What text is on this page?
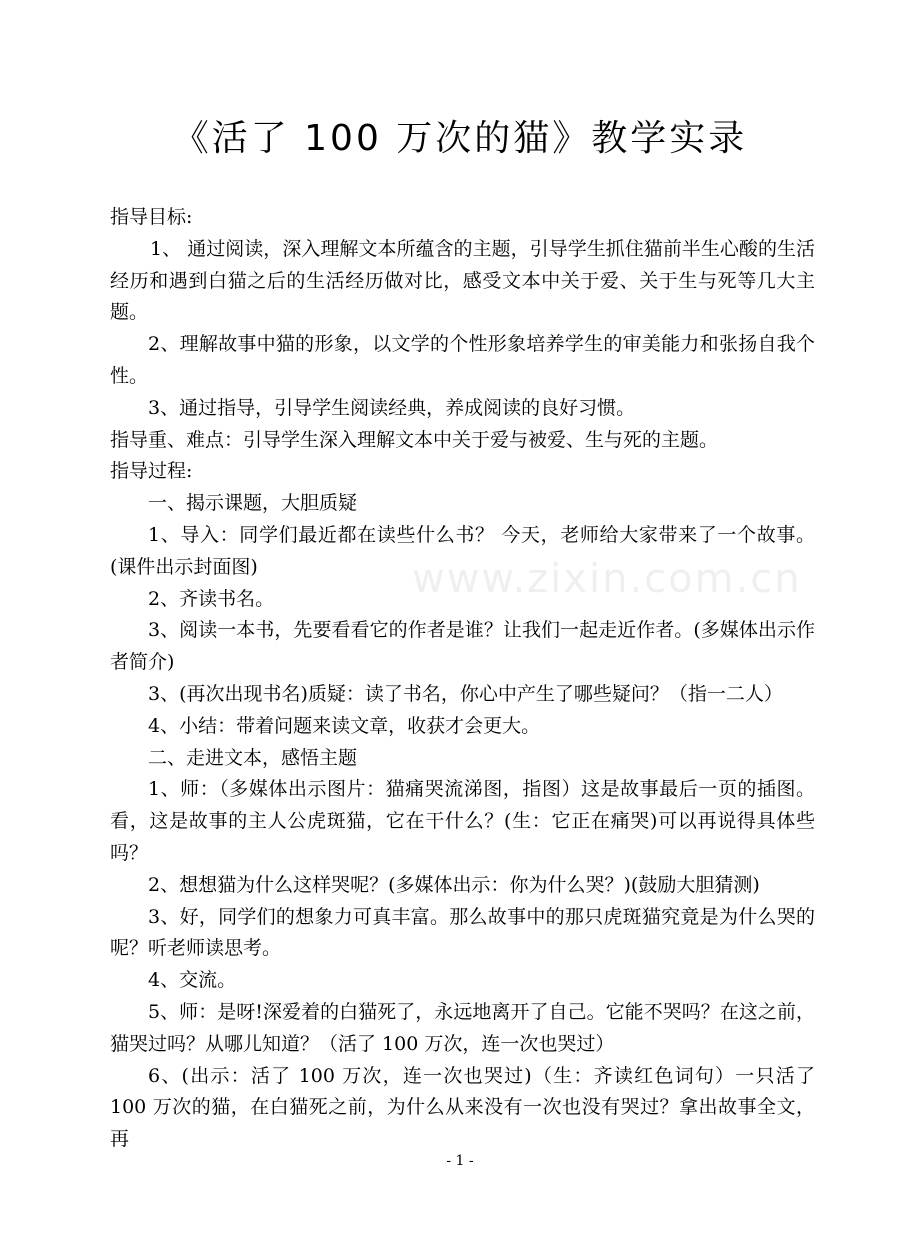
《活了 100 万次的猫》教学实录

指导目标:

1、 通过阅读，深入理解文本所蕴含的主题，引导学生抓住猫前半生心酸的生活经历和遇到白猫之后的生活经历做对比，感受文本中关于爱、关于生与死等几大主题。

2、理解故事中猫的形象，以文学的个性形象培养学生的审美能力和张扬自我个性。

3、通过指导，引导学生阅读经典，养成阅读的良好习惯。

指导重、难点：引导学生深入理解文本中关于爱与被爱、生与死的主题。

指导过程:

一、揭示课题，大胆质疑

1、导入：同学们最近都在读些什么书？ 今天，老师给大家带来了一个故事。(课件出示封面图)

2、齐读书名。

3、阅读一本书，先要看看它的作者是谁？让我们一起走近作者。(多媒体出示作者简介)

3、(再次出现书名)质疑：读了书名，你心中产生了哪些疑问？（指一二人）

4、小结：带着问题来读文章，收获才会更大。

二、走进文本，感悟主题

1、师：（多媒体出示图片：猫痛哭流涕图，指图）这是故事最后一页的插图。看，这是故事的主人公虎斑猫，它在干什么？(生：它正在痛哭)可以再说得具体些吗？

2、想想猫为什么这样哭呢？(多媒体出示：你为什么哭？)(鼓励大胆猜测)

3、好，同学们的想象力可真丰富。那么故事中的那只虎斑猫究竟是为什么哭的呢？听老师读思考。

4、交流。

5、师：是呀!深爱着的白猫死了，永远地离开了自己。它能不哭吗？在这之前，猫哭过吗？从哪儿知道？（活了 100 万次，连一次也哭过）

6、(出示：活了 100 万次，连一次也哭过)（生：齐读红色词句）一只活了 100 万次的猫，在白猫死之前，为什么从来没有一次也没有哭过？拿出故事全文，再

www.zixin.com.cn
- 1 -
